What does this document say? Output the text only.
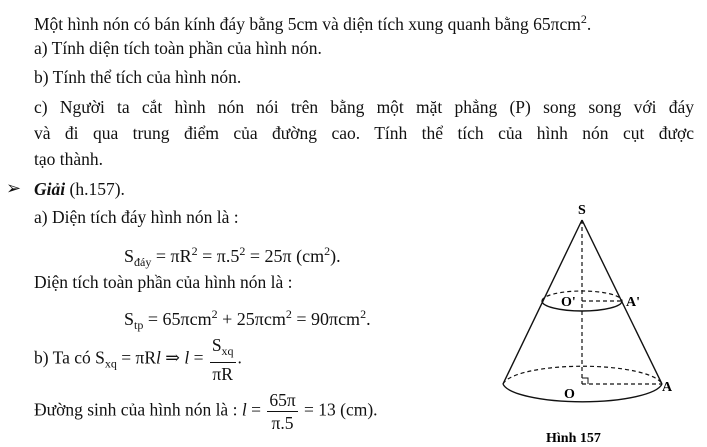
Một hình nón có bán kính đáy bằng 5cm và diện tích xung quanh bằng 65πcm$^2$.
a) Tính diện tích toàn phần của hình nón.
b) Tính thể tích của hình nón.
c) Người ta cắt hình nón nói trên bằng một mặt phẳng (P) song song với đáy
và đi qua trung điểm của đường cao. Tính thể tích của hình nón cụt được
tạo thành.
➢ Giải (h.157).
a) Diện tích đáy hình nón là :
$S_{đáy} = \pi R^2 = \pi.5^2 = 25\pi$ $(cm^2)$.
Diện tích toàn phần của hình nón là :
$S_{tp} = 65\pi cm^2 + 25\pi cm^2 = 90\pi cm^2$.
b) Ta có $S_{xq} = \pi Rl$ ⇒ $l = \frac{S_{xq}}{\pi R}$ .
Đường sinh của hình nón là : $l = \frac{65\pi}{\pi.5} = 13$ (cm).
S
O'	A'
O	A
Hình 157
